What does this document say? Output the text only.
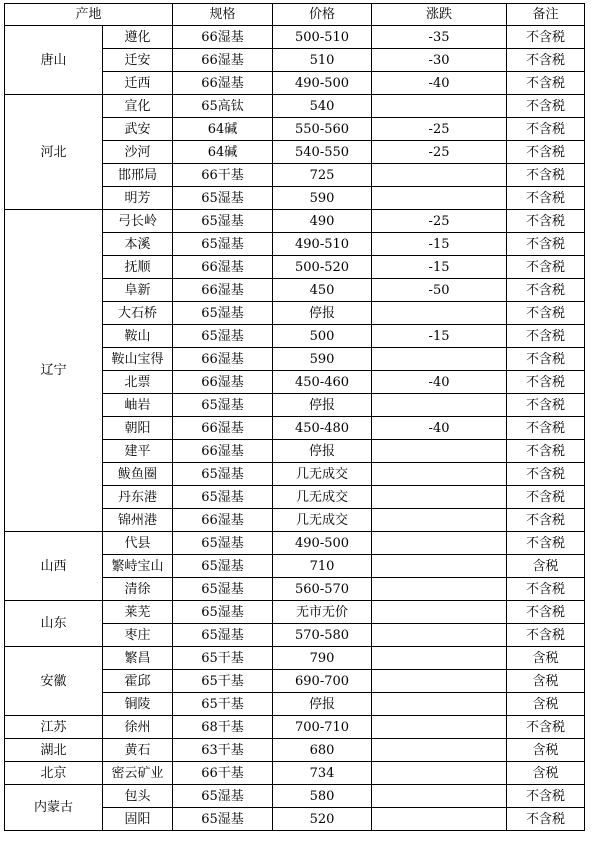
产地		规格	价格	涨跌	备注
唐山	遵化	66湿基	500-510	-35	不含税
	迁安	66湿基	510	-30	不含税
	迁西	66湿基	490-500	-40	不含税
河北	宣化	65高钛	540		不含税
	武安	64碱	550-560	-25	不含税
	沙河	64碱	540-550	-25	不含税
	邯邢局	66干基	725		不含税
	明芳	65湿基	590		不含税
辽宁	弓长岭	65湿基	490	-25	不含税
	本溪	65湿基	490-510	-15	不含税
	抚顺	66湿基	500-520	-15	不含税
	阜新	66湿基	450	-50	不含税
	大石桥	65湿基	停报		不含税
	鞍山	65湿基	500	-15	不含税
	鞍山宝得	66湿基	590		不含税
	北票	66湿基	450-460	-40	不含税
	岫岩	65湿基	停报		不含税
	朝阳	66湿基	450-480	-40	不含税
	建平	66湿基	停报		不含税
	鲅鱼圈	65湿基	几无成交		不含税
	丹东港	65湿基	几无成交		不含税
	锦州港	66湿基	几无成交		不含税
山西	代县	65湿基	490-500		不含税
	繁峙宝山	65湿基	710		含税
	清徐	65湿基	560-570		不含税
山东	莱芜	65湿基	无市无价		不含税
	枣庄	65湿基	570-580		不含税
安徽	繁昌	65干基	790		含税
	霍邱	65干基	690-700		含税
	铜陵	65干基	停报		含税
江苏	徐州	68干基	700-710		不含税
湖北	黄石	63干基	680		含税
北京	密云矿业	66干基	734		含税
内蒙古	包头	65湿基	580		不含税
	固阳	65湿基	520		不含税
